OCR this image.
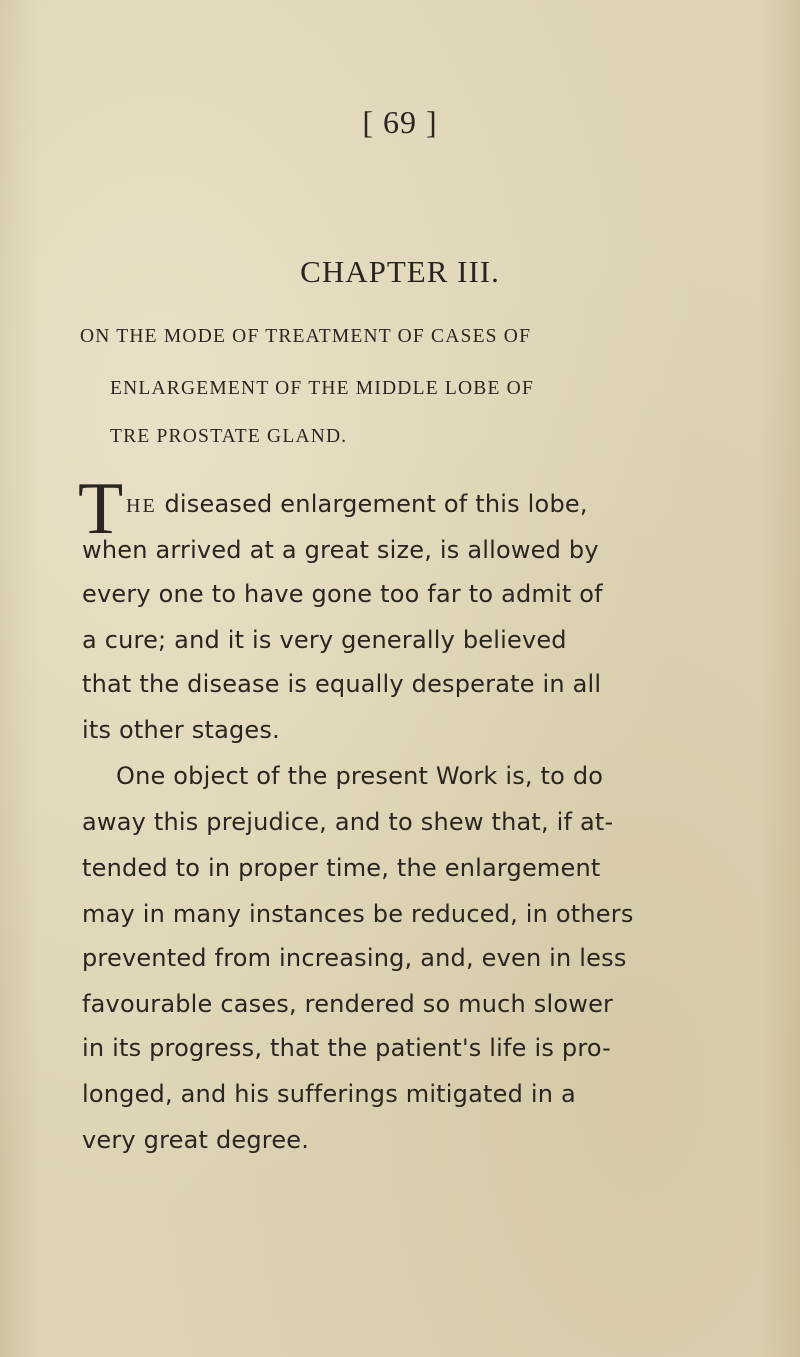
[ 69 ]
CHAPTER III.
ON THE MODE OF TREATMENT OF CASES OF
ENLARGEMENT OF THE MIDDLE LOBE OF
TRE PROSTATE GLAND.
T HE diseased enlargement of this lobe,
when arrived at a great size, is allowed by
every one to have gone too far to admit of
a cure; and it is very generally believed
that the disease is equally desperate in all
its other stages.
One object of the present Work is, to do
away this prejudice, and to shew that, if at-
tended to in proper time, the enlargement
may in many instances be reduced, in others
prevented from increasing, and, even in less
favourable cases, rendered so much slower
in its progress, that the patient's life is pro-
longed, and his sufferings mitigated in a
very great degree.
